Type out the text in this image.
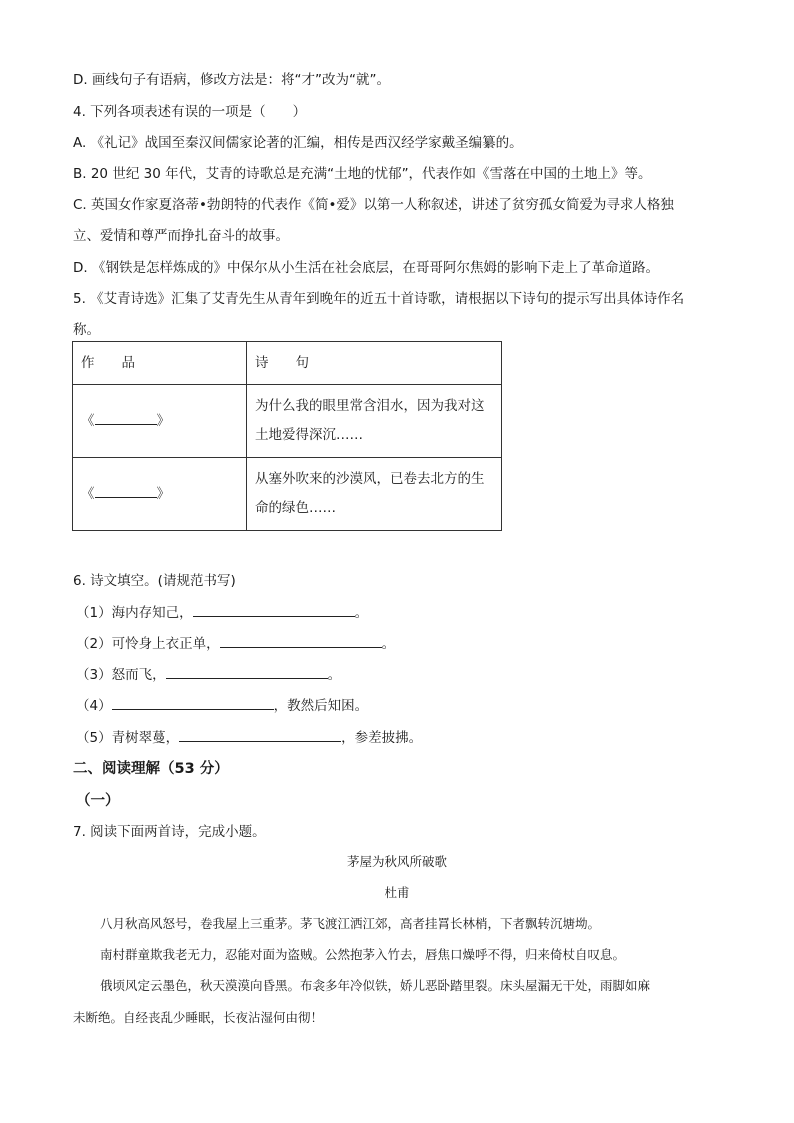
D. 画线句子有语病，修改方法是：将“才”改为“就”。
4. 下列各项表述有误的一项是（　　）
A. 《礼记》战国至秦汉间儒家论著的汇编，相传是西汉经学家戴圣编纂的。
B. 20 世纪 30 年代，艾青的诗歌总是充满“土地的忧郁”，代表作如《雪落在中国的土地上》等。
C. 英国女作家夏洛蒂•勃朗特的代表作《简•爱》以第一人称叙述，讲述了贫穷孤女简爱为寻求人格独
立、爱情和尊严而挣扎奋斗的故事。
D. 《钢铁是怎样炼成的》中保尔从小生活在社会底层，在哥哥阿尔焦姆的影响下走上了革命道路。
5. 《艾青诗选》汇集了艾青先生从青年到晚年的近五十首诗歌，请根据以下诗句的提示写出具体诗作名
称。
作　　品	诗　　句
《 》	为什么我的眼里常含泪水，因为我对这
土地爱得深沉……

《 》	从塞外吹来的沙漠风，已卷去北方的生
命的绿色……
6. 诗文填空。(请规范书写)
（1）海内存知己，	。
（2）可怜身上衣正单，	。
（3）怒而飞，	。
（4）	，教然后知困。
（5）青树翠蔓，	，参差披拂。
二、阅读理解（53 分）
（一）
7. 阅读下面两首诗，完成小题。
茅屋为秋风所破歌
杜甫
八月秋高风怒号，卷我屋上三重茅。茅飞渡江洒江郊，高者挂罥长林梢，下者飘转沉塘坳。
南村群童欺我老无力，忍能对面为盗贼。公然抱茅入竹去，唇焦口燥呼不得，归来倚杖自叹息。
俄顷风定云墨色，秋天漠漠向昏黑。布衾多年冷似铁，娇儿恶卧踏里裂。床头屋漏无干处，雨脚如麻
未断绝。自经丧乱少睡眠，长夜沾湿何由彻！
